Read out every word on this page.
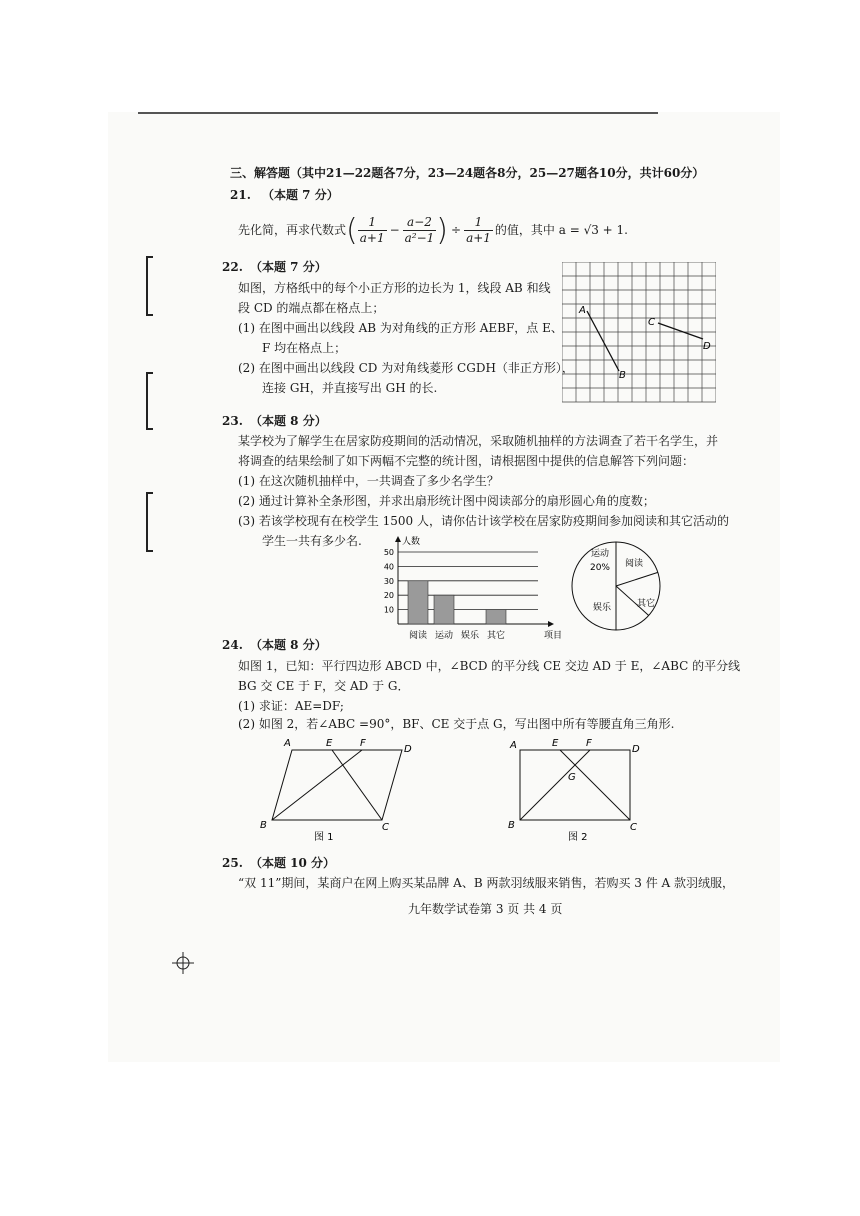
三、解答题（其中21—22题各7分，23—24题各8分，25—27题各10分，共计60分）
21. （本题 7 分）
先化简，再求代数式 ( $\frac{1}{a+1} - \frac{a-2}{\text{a²−1}}$ ) ÷ $\frac{1}{a+1}$ 的值，其中 a = √3 + 1.
22. （本题 7 分）
如图，方格纸中的每个小正方形的边长为 1，线段 AB 和线
段 CD 的端点都在格点上；
(1) 在图中画出以线段 AB 为对角线的正方形 AEBF，点 E、
F 均在格点上；
(2) 在图中画出以线段 CD 为对角线菱形 CGDH（非正方形），
连接 GH，并直接写出 GH 的长.
A
B
C
D
23. （本题 8 分）
某学校为了解学生在居家防疫期间的活动情况，采取随机抽样的方法调查了若干名学生，并
将调查的结果绘制了如下两幅不完整的统计图，请根据图中提供的信息解答下列问题：
(1) 在这次随机抽样中，一共调查了多少名学生？
(2) 通过计算补全条形图，并求出扇形统计图中阅读部分的扇形圆心角的度数；
(3) 若该学校现有在校学生 1500 人，请你估计该学校在居家防疫期间参加阅读和其它活动的
学生一共有多少名.
10
20
30
40
50
人数
项目
阅读 运动 娱乐 其它
运动
阅读
其它
娱乐
20%
24. （本题 8 分）
如图 1，已知：平行四边形 ABCD 中，∠BCD 的平分线 CE 交边 AD 于 E，∠ABC 的平分线
BG 交 CE 于 F，交 AD 于 G．
(1) 求证：AE=DF;
(2) 如图 2，若∠ABC =90°，BF、CE 交于点 G，写出图中所有等腰直角三角形.
A	E	F
D
B	C
图 1
A	E	F
D
G
B	C
图 2
25. （本题 10 分）
“双 11”期间，某商户在网上购买某品牌 A、B 两款羽绒服来销售，若购买 3 件 A 款羽绒服，
九年数学试卷第 3 页 共 4 页
